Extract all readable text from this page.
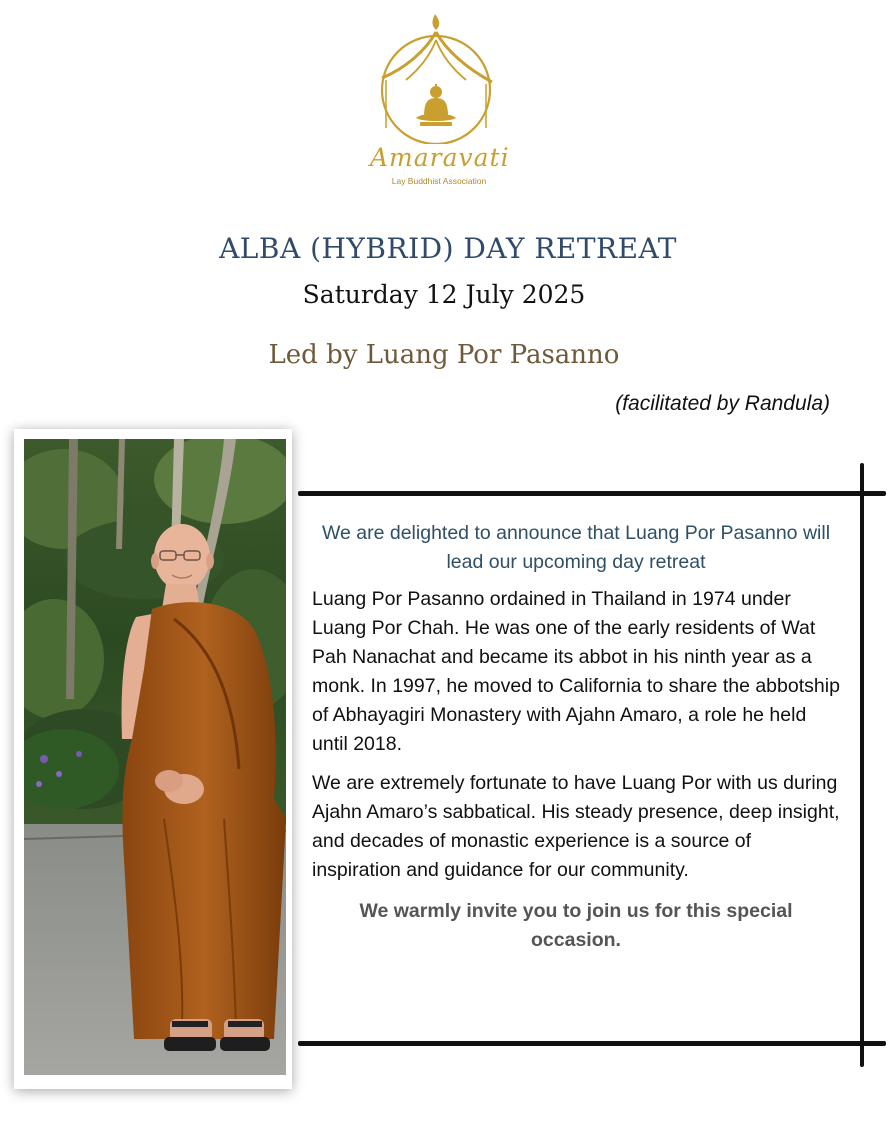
Amaravati
Lay Buddhist Association
ALBA (HYBRID) DAY RETREAT
Saturday 12 July 2025
Led by Luang Por Pasanno
(facilitated by Randula)

We are delighted to announce that Luang Por Pasanno will lead our upcoming day retreat

Luang Por Pasanno ordained in Thailand in 1974 under Luang Por Chah. He was one of the early residents of Wat Pah Nanachat and became its abbot in his ninth year as a monk. In 1997, he moved to California to share the abbotship of Abhayagiri Monastery with Ajahn Amaro, a role he held until 2018.

We are extremely fortunate to have Luang Por with us during Ajahn Amaro’s sabbatical. His steady presence, deep insight, and decades of monastic experience is a source of inspiration and guidance for our community.

We warmly invite you to join us for this special occasion.
